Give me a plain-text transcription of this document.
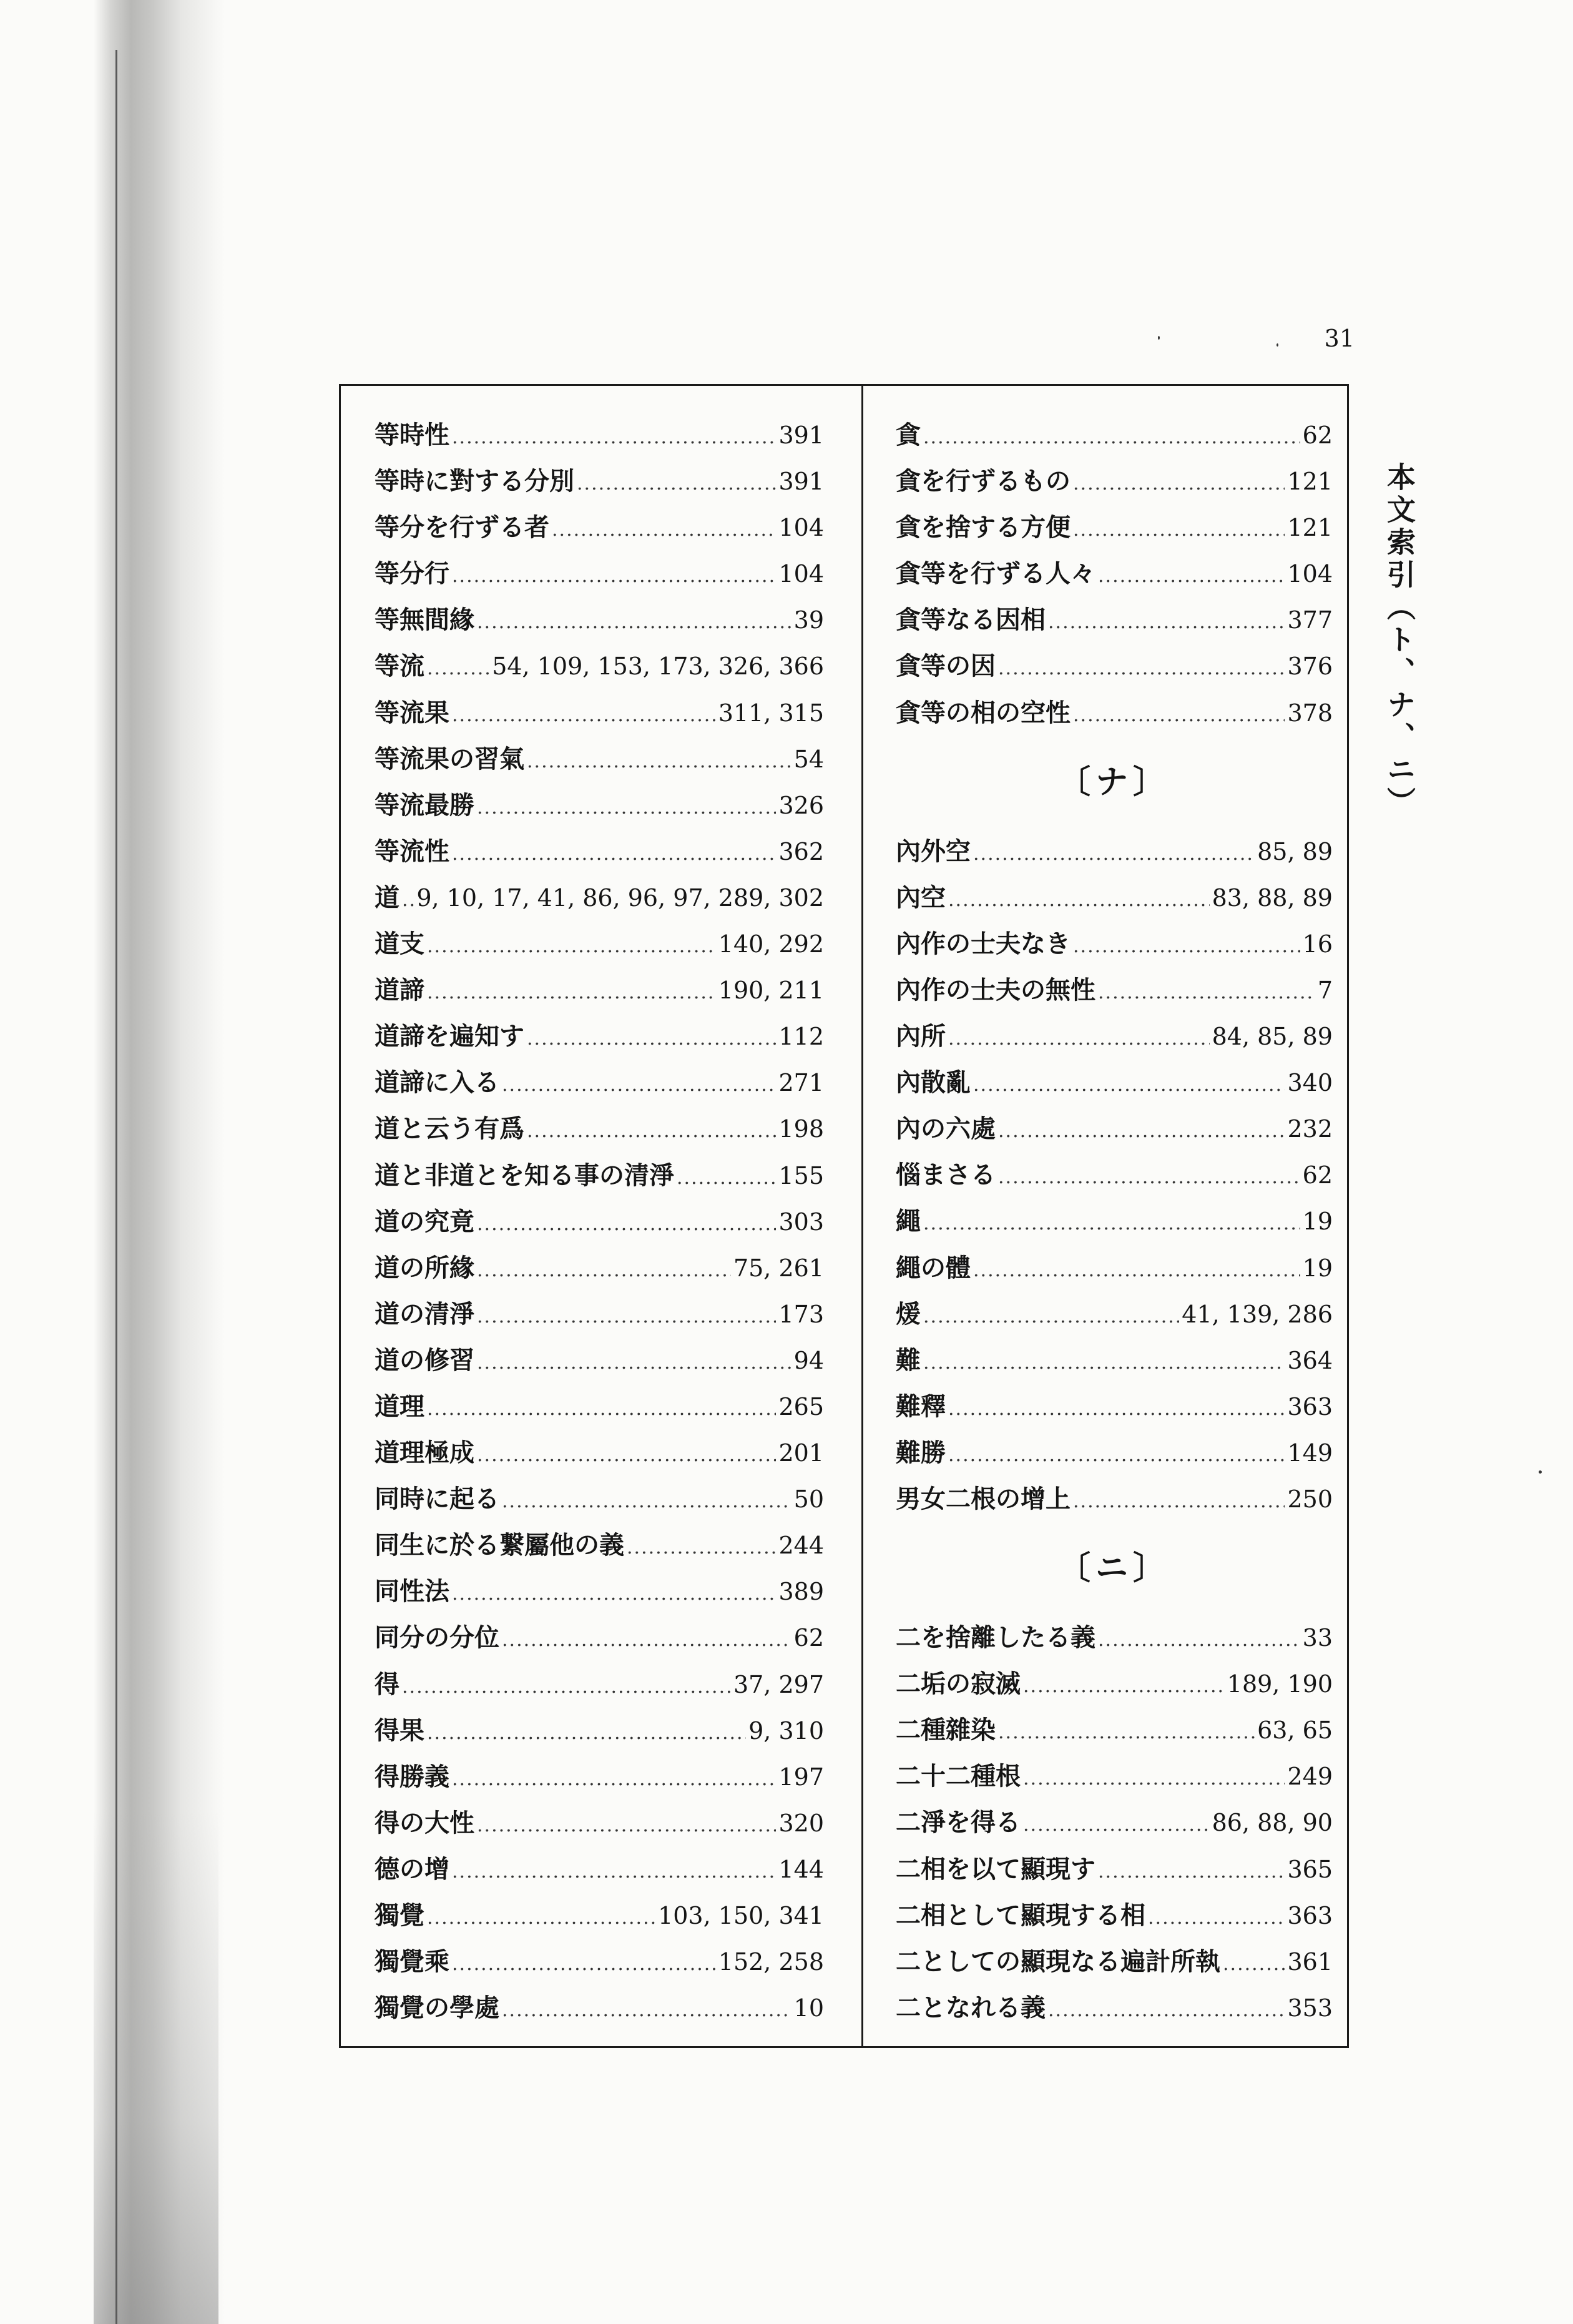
31
本文索引（ト、ナ、ニ）
等時性 .....	391
等時に對する分別 .....	391
等分を行ずる者 .....	104
等分行 .....	104
等無間緣 .....	39
等流 .....	54, 109, 153, 173, 326, 366
等流果 .....	311, 315
等流果の習氣 .....	54
等流最勝 .....	326
等流性 .....	362
道 ..... 9, 10, 17, 41, 86, 96, 97, 289, 302
道支 .....	140, 292
道諦 .....	190, 211
道諦を遍知す .....	112
道諦に入る .....	271
道と云う有爲 .....	198
道と非道とを知る事の清淨 .....	155
道の究竟 .....	303
道の所緣 .....	75, 261
道の清淨 .....	173
道の修習 .....	94
道理 .....	265
道理極成 .....	201
同時に起る .....	50
同生に於る繋屬他の義 .....	244
同性法 .....	389
同分の分位 .....	62
得 .....	37, 297
得果 .....	9, 310
得勝義 .....	197
得の大性 .....	320
德の增 .....	144
獨覺 .....	103, 150, 341
獨覺乘 .....	152, 258
獨覺の學處 .....	10
貪 .....	62
貪を行ずるもの .....	121
貪を捨する方便 .....	121
貪等を行ずる人々 .....	104
貪等なる因相 .....	377
貪等の因 .....	376
貪等の相の空性 .....	378
〔ナ〕
內外空 .....	85, 89
內空 .....	83, 88, 89
內作の士夫なき .....	16
內作の士夫の無性 .....	7
內所 .....	84, 85, 89
內散亂 .....	340
內の六處 .....	232
惱まさる .....	62
繩 .....	19
繩の體 .....	19
煖 .....	41, 139, 286
難 .....	364
難釋 .....	363
難勝 .....	149
男女二根の增上 .....	250
〔ニ〕
二を捨離したる義 .....	33
二垢の寂滅 .....	189, 190
二種雜染 .....	63, 65
二十二種根 .....	249
二淨を得る .....	86, 88, 90
二相を以て顯現す .....	365
二相として顯現する相 .....	363
二としての顯現なる遍計所執 .....	361
二となれる義 .....	353
